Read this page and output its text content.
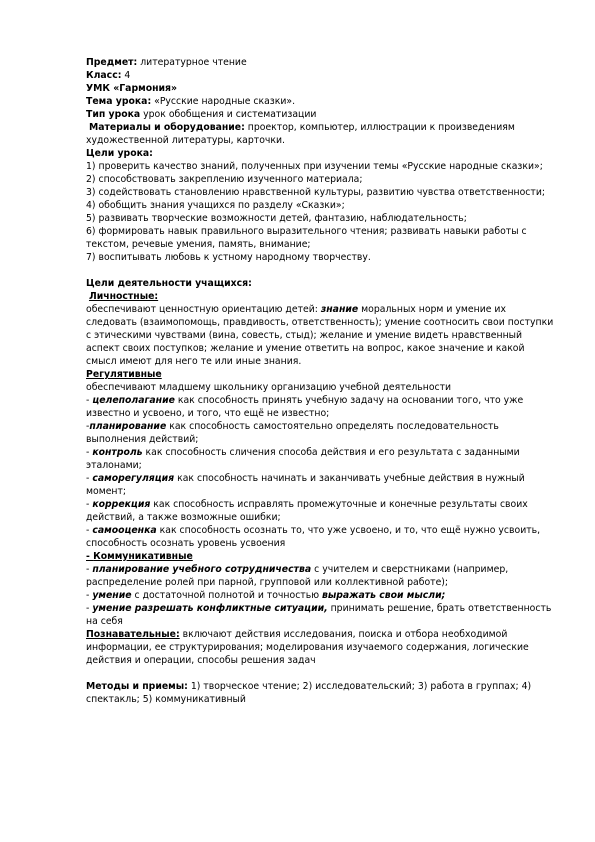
Предмет: литературное чтение

Класс: 4

УМК «Гармония»

Тема урока: «Русские народные сказки».

Тип урока урок обобщения и систематизации

Материалы и оборудование: проектор, компьютер, иллюстрации к произведениям художественной литературы, карточки.

Цели урока:

1) проверить качество знаний, полученных при изучении темы «Русские народные сказки»;

2) способствовать закреплению изученного материала;

3) содействовать становлению нравственной культуры, развитию чувства ответственности;

4) обобщить знания учащихся по разделу «Сказки»;

5) развивать творческие возможности детей, фантазию, наблюдательность;

6) формировать навык правильного выразительного чтения; развивать навыки работы с текстом, речевые умения, память, внимание;

7) воспитывать любовь к устному народному творчеству.

Цели деятельности учащихся:

Личностные:

обеспечивают ценностную ориентацию детей: знание моральных норм и умение их следовать (взаимопомощь, правдивость, ответственность); умение соотносить свои поступки с этическими чувствами (вина, совесть, стыд); желание и умение видеть нравственный аспект своих поступков; желание и умение ответить на вопрос, какое значение и какой смысл имеют для него те или иные знания.

Регулятивные

обеспечивают младшему школьнику организацию учебной деятельности

- целеполагание как способность принять учебную задачу на основании того, что уже известно и усвоено, и того, что ещё не известно;

-планирование как способность самостоятельно определять последовательность выполнения действий;

- контроль как способность сличения способа действия и его результата с заданными эталонами;

- саморегуляция как способность начинать и заканчивать учебные действия в нужный момент;

- коррекция как способность исправлять промежуточные и конечные результаты своих действий, а также возможные ошибки;

- самооценка как способность осознать то, что уже усвоено, и то, что ещё нужно усвоить, способность осознать уровень усвоения

- Коммуникативные

- планирование учебного сотрудничества с учителем и сверстниками (например, распределение ролей при парной, групповой или коллективной работе);

- умение с достаточной полнотой и точностью выражать свои мысли;

- умение разрешать конфликтные ситуации, принимать решение, брать ответственность на себя

Познавательные: включают действия исследования, поиска и отбора необходимой информации, ее структурирования; моделирования изучаемого содержания, логические действия и операции, способы решения задач

Методы и приемы: 1) творческое чтение; 2) исследовательский; 3) работа в группах; 4) спектакль; 5) коммуникативный
